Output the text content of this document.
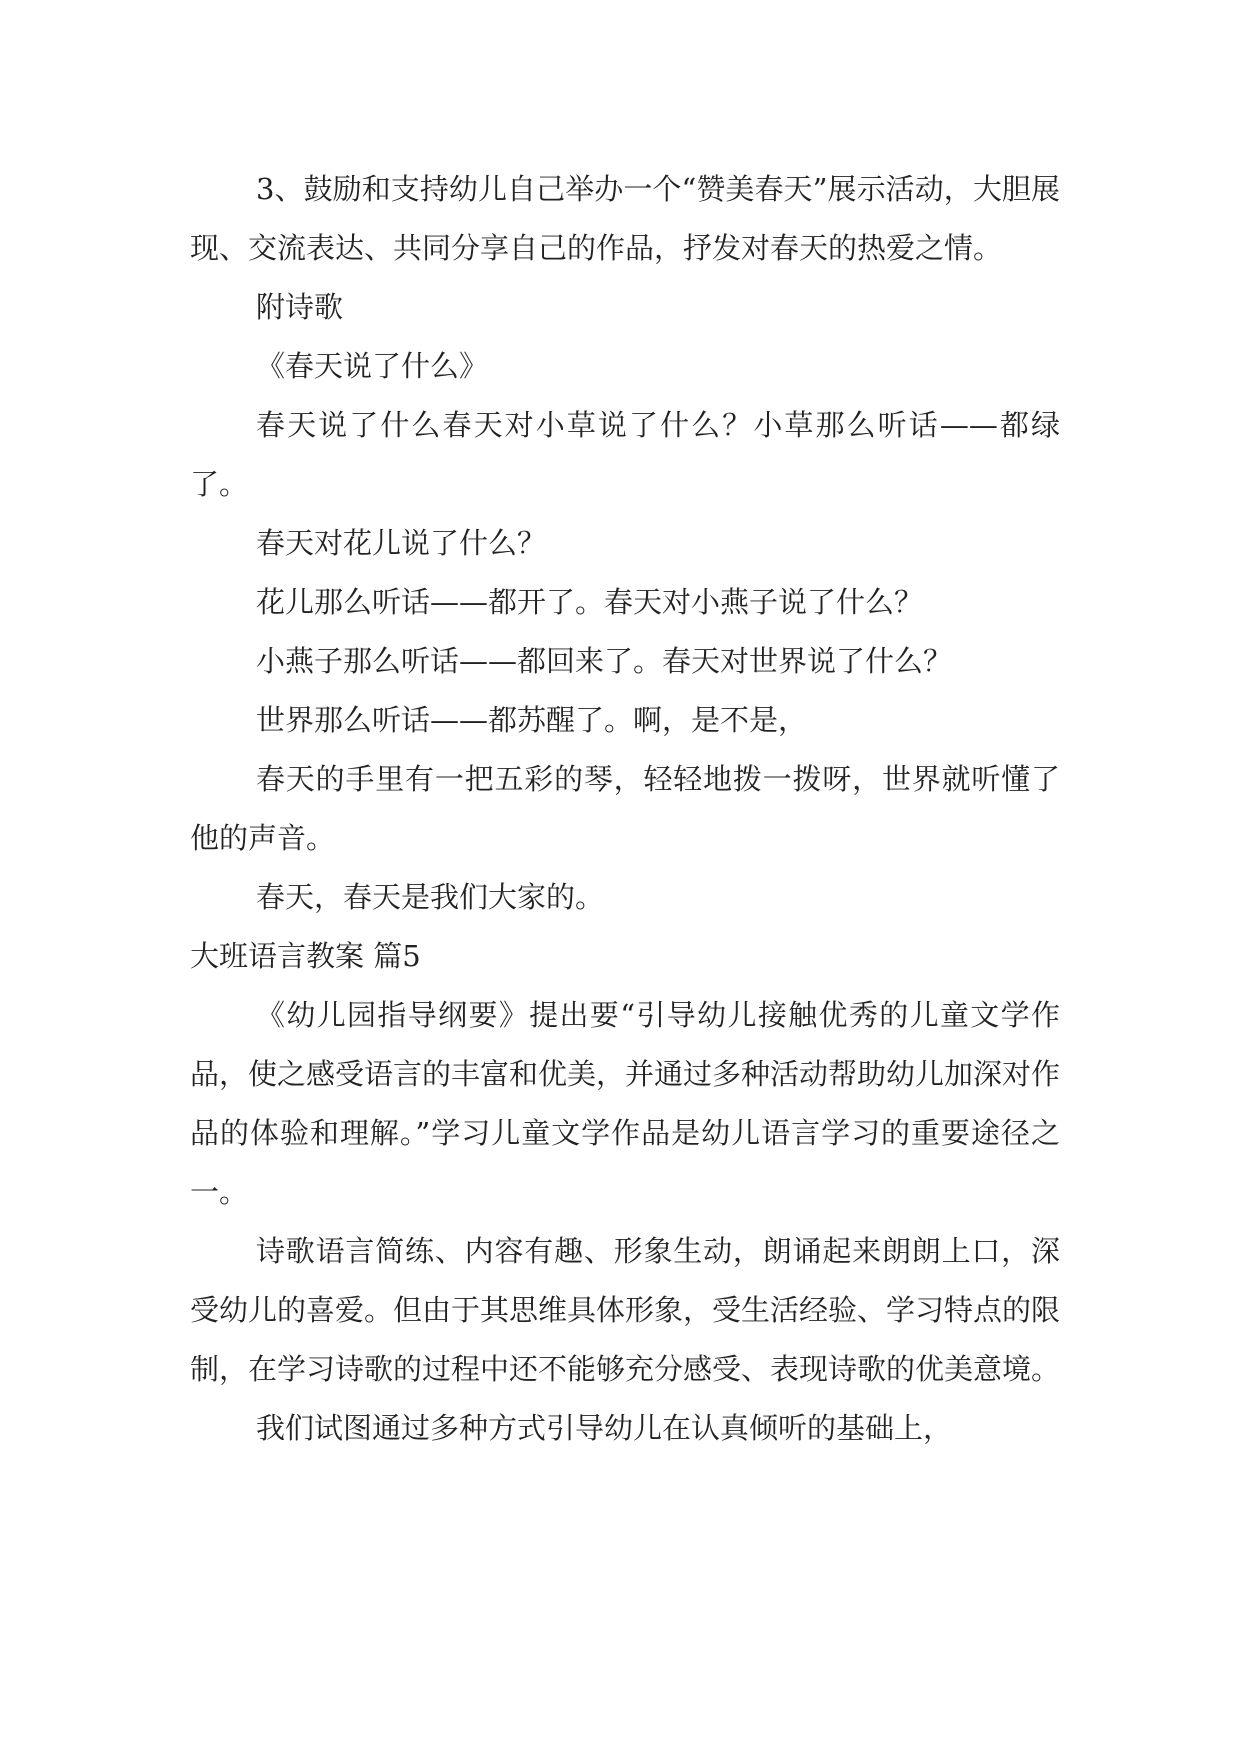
3、鼓励和支持幼儿自己举办一个“赞美春天”展示活动，大胆展现、交流表达、共同分享自己的作品，抒发对春天的热爱之情。

附诗歌

《春天说了什么》

春天说了什么春天对小草说了什么？小草那么听话——都绿了。

春天对花儿说了什么？

花儿那么听话——都开了。春天对小燕子说了什么？

小燕子那么听话——都回来了。春天对世界说了什么？

世界那么听话——都苏醒了。啊，是不是，

春天的手里有一把五彩的琴，轻轻地拨一拨呀，世界就听懂了他的声音。

春天，春天是我们大家的。

大班语言教案 篇5

《幼儿园指导纲要》提出要“引导幼儿接触优秀的儿童文学作品，使之感受语言的丰富和优美，并通过多种活动帮助幼儿加深对作品的体验和理解。”学习儿童文学作品是幼儿语言学习的重要途径之一。

诗歌语言简练、内容有趣、形象生动，朗诵起来朗朗上口，深受幼儿的喜爱。但由于其思维具体形象，受生活经验、学习特点的限制，在学习诗歌的过程中还不能够充分感受、表现诗歌的优美意境。

我们试图通过多种方式引导幼儿在认真倾听的基础上，
